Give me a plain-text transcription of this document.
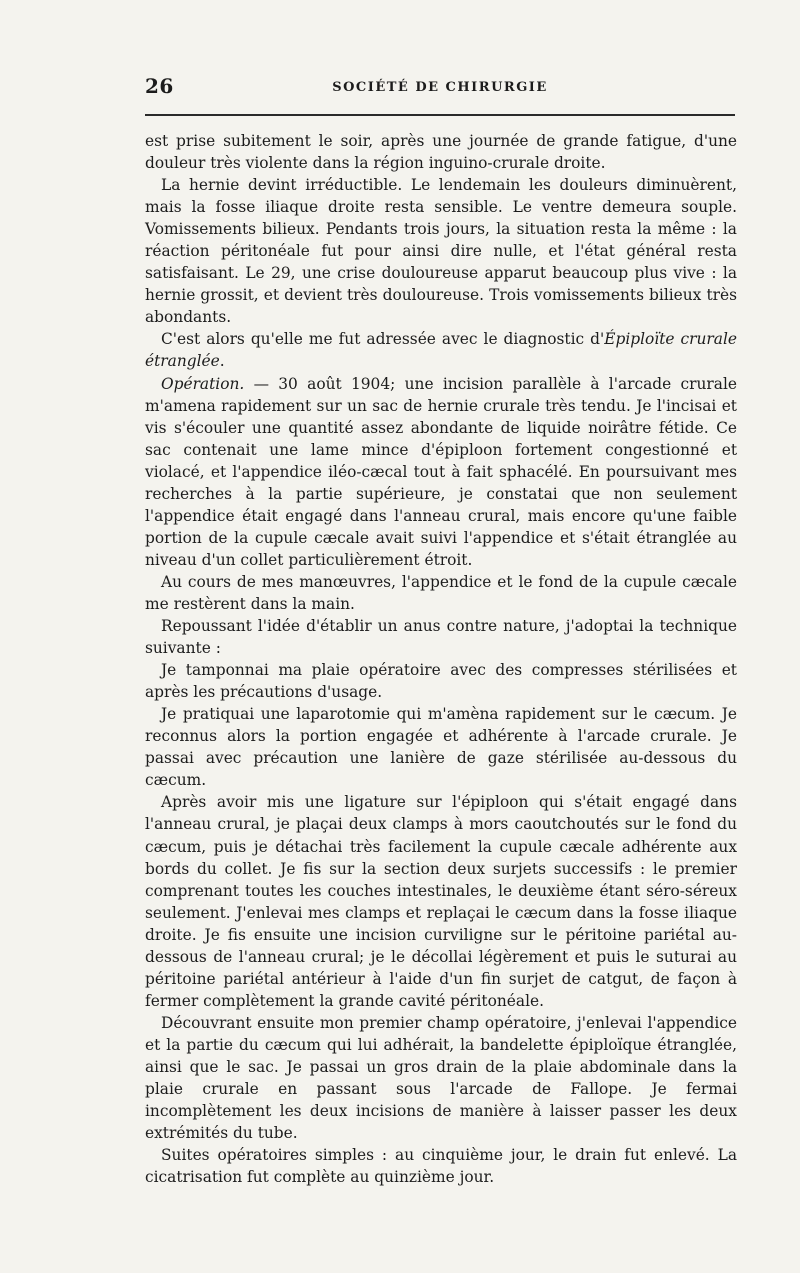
26	SOCIÉTÉ DE CHIRURGIE

est prise subitement le soir, après une journée de grande fatigue, d'une douleur très violente dans la région inguino-crurale droite.

La hernie devint irréductible. Le lendemain les douleurs diminuèrent, mais la fosse iliaque droite resta sensible. Le ventre demeura souple. Vomissements bilieux. Pendants trois jours, la situation resta la même : la réaction péritonéale fut pour ainsi dire nulle, et l'état général resta satisfaisant. Le 29, une crise douloureuse apparut beaucoup plus vive : la hernie grossit, et devient très douloureuse. Trois vomissements bilieux très abondants.

C'est alors qu'elle me fut adressée avec le diagnostic d'Épiploïte crurale étranglée.

Opération. — 30 août 1904; une incision parallèle à l'arcade crurale m'amena rapidement sur un sac de hernie crurale très tendu. Je l'incisai et vis s'écouler une quantité assez abondante de liquide noirâtre fétide. Ce sac contenait une lame mince d'épiploon fortement congestionné et violacé, et l'appendice iléo-cæcal tout à fait sphacélé. En poursuivant mes recherches à la partie supérieure, je constatai que non seulement l'appendice était engagé dans l'anneau crural, mais encore qu'une faible portion de la cupule cæcale avait suivi l'appendice et s'était étranglée au niveau d'un collet particulièrement étroit.

Au cours de mes manœuvres, l'appendice et le fond de la cupule cæcale me restèrent dans la main.

Repoussant l'idée d'établir un anus contre nature, j'adoptai la technique suivante :

Je tamponnai ma plaie opératoire avec des compresses stérilisées et après les précautions d'usage.

Je pratiquai une laparotomie qui m'amèna rapidement sur le cæcum. Je reconnus alors la portion engagée et adhérente à l'arcade crurale. Je passai avec précaution une lanière de gaze stérilisée au-dessous du cæcum.

Après avoir mis une ligature sur l'épiploon qui s'était engagé dans l'anneau crural, je plaçai deux clamps à mors caoutchoutés sur le fond du cæcum, puis je détachai très facilement la cupule cæcale adhérente aux bords du collet. Je fis sur la section deux surjets successifs : le premier comprenant toutes les couches intestinales, le deuxième étant séro-séreux seulement. J'enlevai mes clamps et replaçai le cæcum dans la fosse iliaque droite. Je fis ensuite une incision curviligne sur le péritoine pariétal au-dessous de l'anneau crural; je le décollai légèrement et puis le suturai au péritoine pariétal antérieur à l'aide d'un fin surjet de catgut, de façon à fermer complètement la grande cavité péritonéale.

Découvrant ensuite mon premier champ opératoire, j'enlevai l'appendice et la partie du cæcum qui lui adhérait, la bandelette épiploïque étranglée, ainsi que le sac. Je passai un gros drain de la plaie abdominale dans la plaie crurale en passant sous l'arcade de Fallope. Je fermai incomplètement les deux incisions de manière à laisser passer les deux extrémités du tube.

Suites opératoires simples : au cinquième jour, le drain fut enlevé. La cicatrisation fut complète au quinzième jour.
